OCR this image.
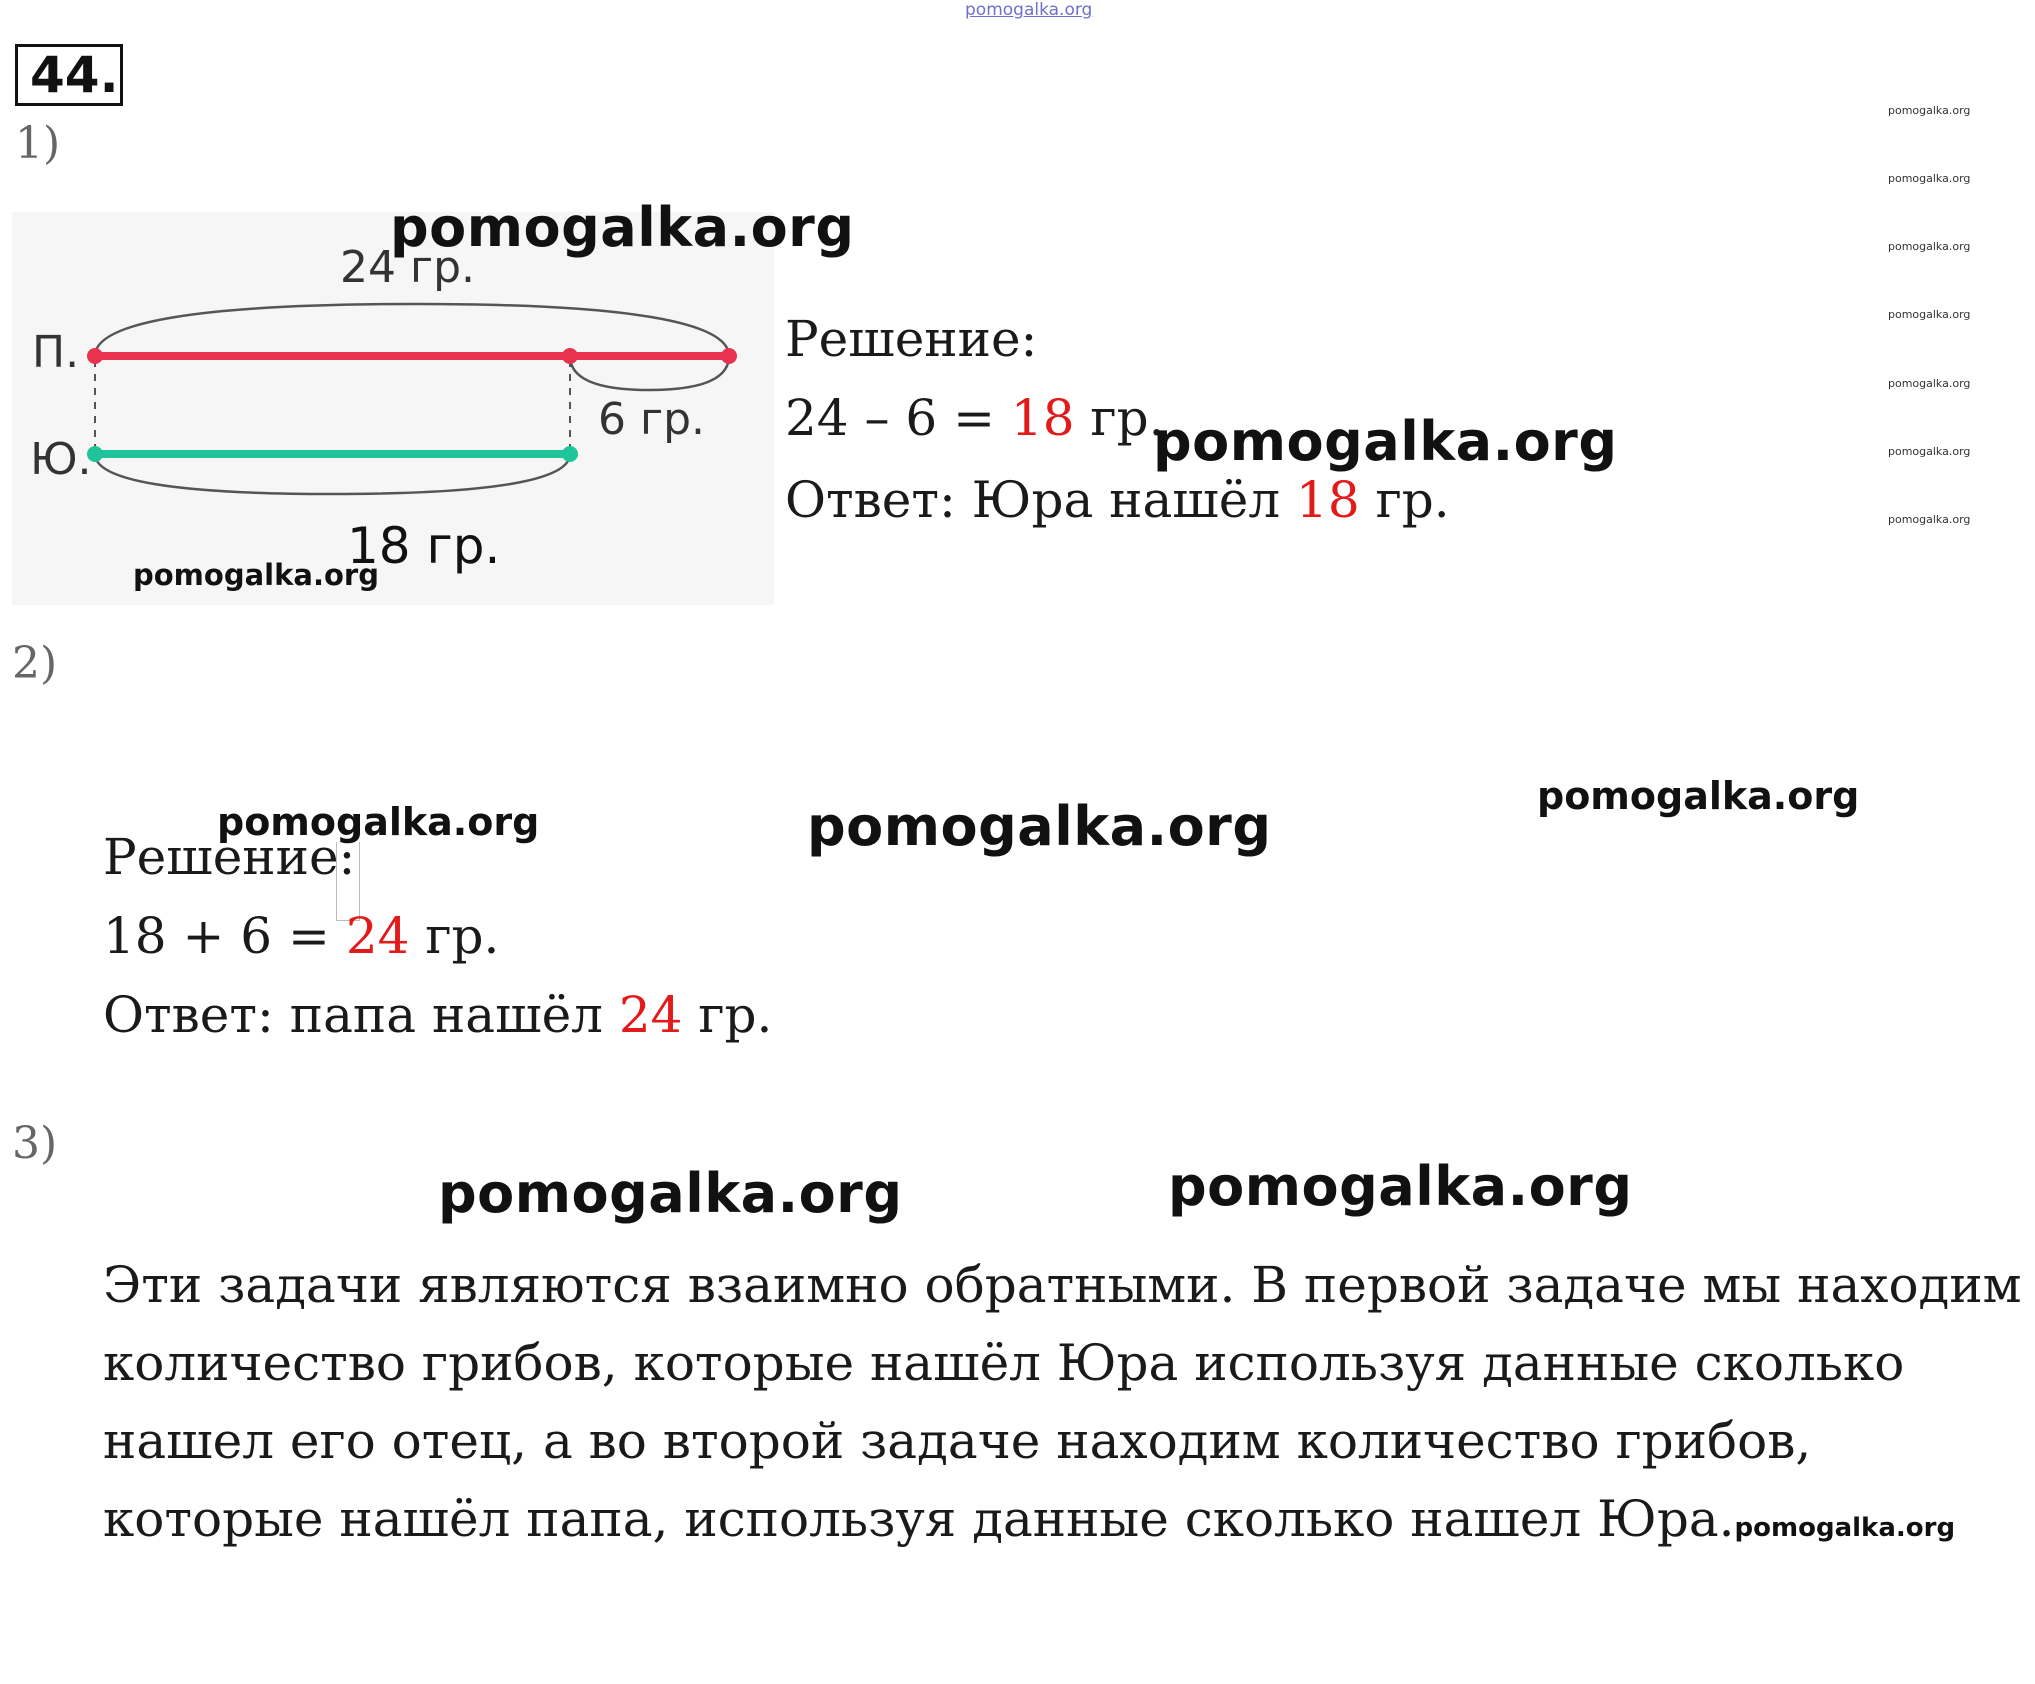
pomogalka.org
44.
pomogalka.org
pomogalka.org
pomogalka.org
pomogalka.org
pomogalka.org
pomogalka.org
pomogalka.org
1)
24 гр.
П.
Ю.
6 гр.
18 гр.
pomogalka.org
pomogalka.org
Решение:
24 – 6 = 18 гр.
pomogalka.org
Ответ: Юра нашёл 18 гр.
2)
pomogalka.org
pomogalka.org
pomogalka.org
Решение:
18 + 6 = 24 гр.
Ответ: папа нашёл 24 гр.
3)
pomogalka.org	pomogalka.org
Эти задачи являются взаимно обратными. В первой задаче мы находим количество грибов, которые нашёл Юра используя данные сколько нашел его отец, а во второй задаче находим количество грибов, которые нашёл папа, используя данные сколько нашел Юра.pomogalka.org
